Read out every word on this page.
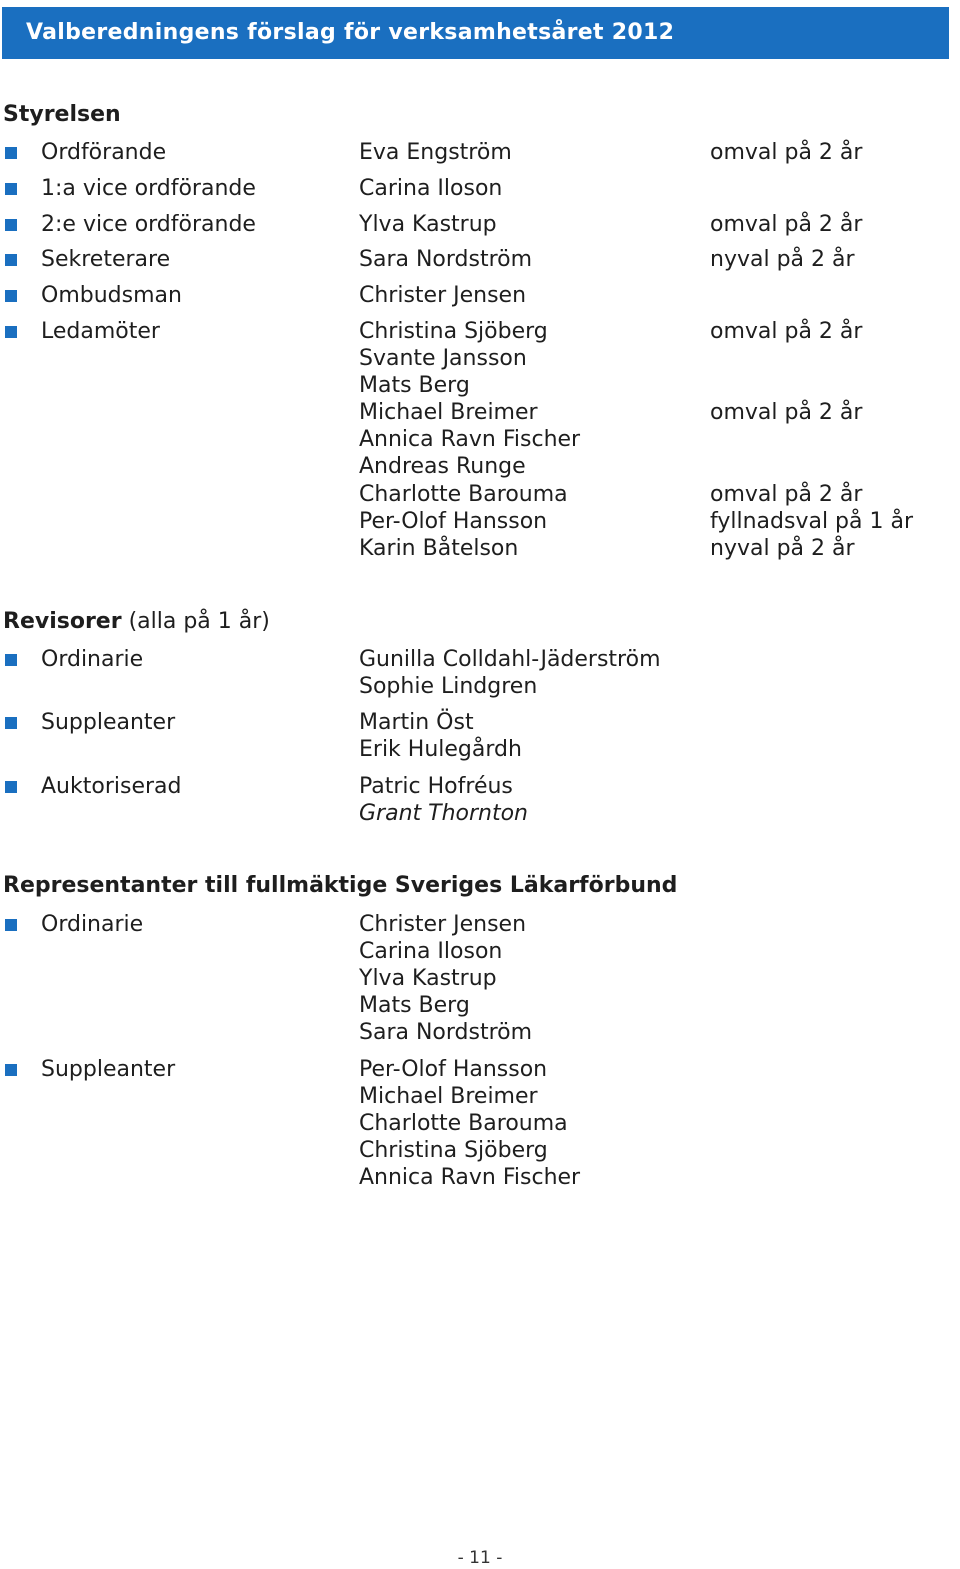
Valberedningens förslag för verksamhetsåret 2012
Styrelsen
Ordförande	Eva Engström	omval på 2 år
1:a vice ordförande	Carina Iloson
2:e vice ordförande	Ylva Kastrup	omval på 2 år
Sekreterare	Sara Nordström	nyval på 2 år
Ombudsman	Christer Jensen
Ledamöter	Christina Sjöberg	omval på 2 år
Svante Jansson
Mats Berg
Michael Breimer	omval på 2 år
Annica Ravn Fischer
Andreas Runge
Charlotte Barouma	omval på 2 år
Per-Olof Hansson	fyllnadsval på 1 år
Karin Båtelson	nyval på 2 år
Revisorer (alla på 1 år)
Ordinarie	Gunilla Colldahl-Jäderström
Sophie Lindgren
Suppleanter	Martin Öst
Erik Hulegårdh
Auktoriserad	Patric Hofréus
Grant Thornton
Representanter till fullmäktige Sveriges Läkarförbund
Ordinarie	Christer Jensen
Carina Iloson
Ylva Kastrup
Mats Berg
Sara Nordström
Suppleanter	Per-Olof Hansson
Michael Breimer
Charlotte Barouma
Christina Sjöberg
Annica Ravn Fischer
- 11 -
